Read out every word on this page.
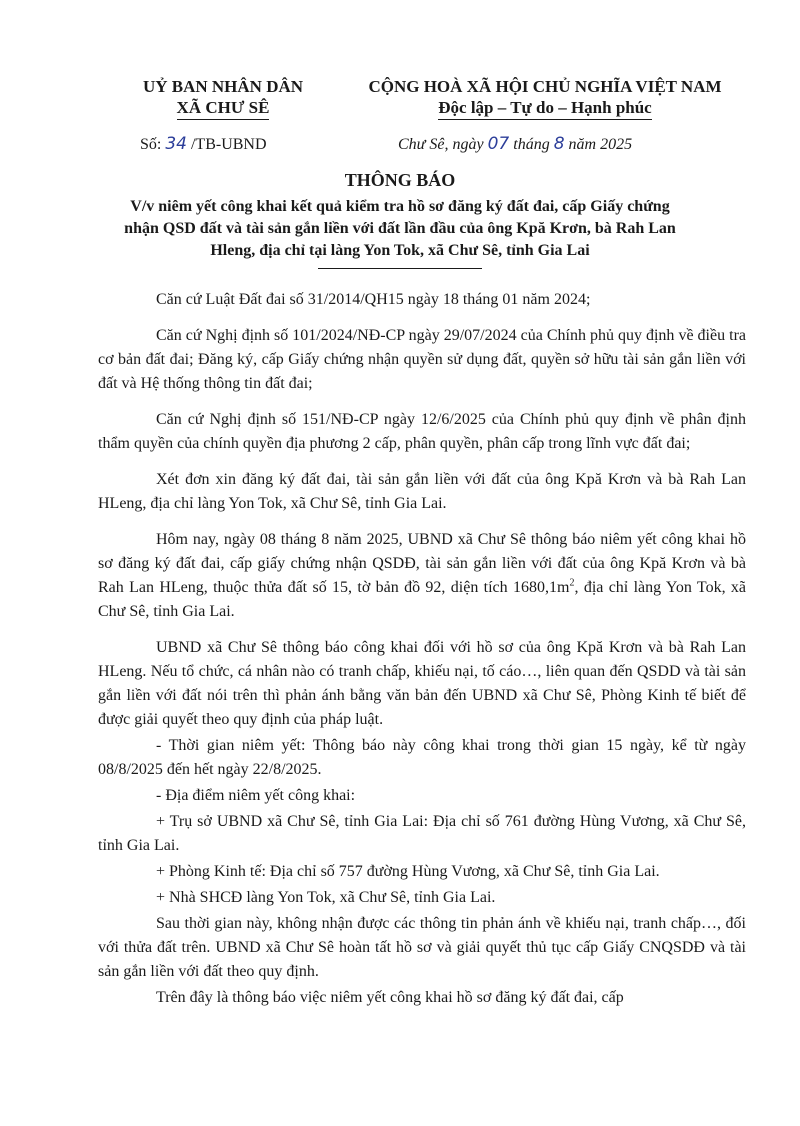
UỶ BAN NHÂN DÂN
XÃ CHƯ SÊ
CỘNG HOÀ XÃ HỘI CHỦ NGHĨA VIỆT NAM
Độc lập – Tự do – Hạnh phúc
Số: 34 /TB-UBND	Chư Sê, ngày 07 tháng 8 năm 2025
THÔNG BÁO
V/v niêm yết công khai kết quả kiểm tra hồ sơ đăng ký đất đai, cấp Giấy chứng nhận QSD đất và tài sản gắn liền với đất lần đầu của ông Kpă Krơn, bà Rah Lan Hleng, địa chỉ tại làng Yon Tok, xã Chư Sê, tỉnh Gia Lai

Căn cứ Luật Đất đai số 31/2014/QH15 ngày 18 tháng 01 năm 2024;

Căn cứ Nghị định số 101/2024/NĐ-CP ngày 29/07/2024 của Chính phủ quy định về điều tra cơ bản đất đai; Đăng ký, cấp Giấy chứng nhận quyền sử dụng đất, quyền sở hữu tài sản gắn liền với đất và Hệ thống thông tin đất đai;

Căn cứ Nghị định số 151/NĐ-CP ngày 12/6/2025 của Chính phủ quy định về phân định thẩm quyền của chính quyền địa phương 2 cấp, phân quyền, phân cấp trong lĩnh vực đất đai;

Xét đơn xin đăng ký đất đai, tài sản gắn liền với đất của ông Kpă Krơn và bà Rah Lan HLeng, địa chỉ làng Yon Tok, xã Chư Sê, tỉnh Gia Lai.

Hôm nay, ngày 08 tháng 8 năm 2025, UBND xã Chư Sê thông báo niêm yết công khai hồ sơ đăng ký đất đai, cấp giấy chứng nhận QSDĐ, tài sản gắn liền với đất của ông Kpă Krơn và bà Rah Lan HLeng, thuộc thửa đất số 15, tờ bản đồ 92, diện tích $1680,1m^2$, địa chỉ làng Yon Tok, xã Chư Sê, tỉnh Gia Lai.

UBND xã Chư Sê thông báo công khai đối với hồ sơ của ông Kpă Krơn và bà Rah Lan HLeng. Nếu tổ chức, cá nhân nào có tranh chấp, khiếu nại, tố cáo…, liên quan đến QSDD và tài sản gắn liền với đất nói trên thì phản ánh bằng văn bản đến UBND xã Chư Sê, Phòng Kinh tế biết để được giải quyết theo quy định của pháp luật.

- Thời gian niêm yết: Thông báo này công khai trong thời gian 15 ngày, kể từ ngày 08/8/2025 đến hết ngày 22/8/2025.

- Địa điểm niêm yết công khai:

+ Trụ sở UBND xã Chư Sê, tỉnh Gia Lai: Địa chỉ số 761 đường Hùng Vương, xã Chư Sê, tỉnh Gia Lai.

+ Phòng Kinh tế: Địa chỉ số 757 đường Hùng Vương, xã Chư Sê, tỉnh Gia Lai.

+ Nhà SHCĐ làng Yon Tok, xã Chư Sê, tỉnh Gia Lai.

Sau thời gian này, không nhận được các thông tin phản ánh về khiếu nại, tranh chấp…, đối với thửa đất trên. UBND xã Chư Sê hoàn tất hồ sơ và giải quyết thủ tục cấp Giấy CNQSDĐ và tài sản gắn liền với đất theo quy định.

Trên đây là thông báo việc niêm yết công khai hồ sơ đăng ký đất đai, cấp
